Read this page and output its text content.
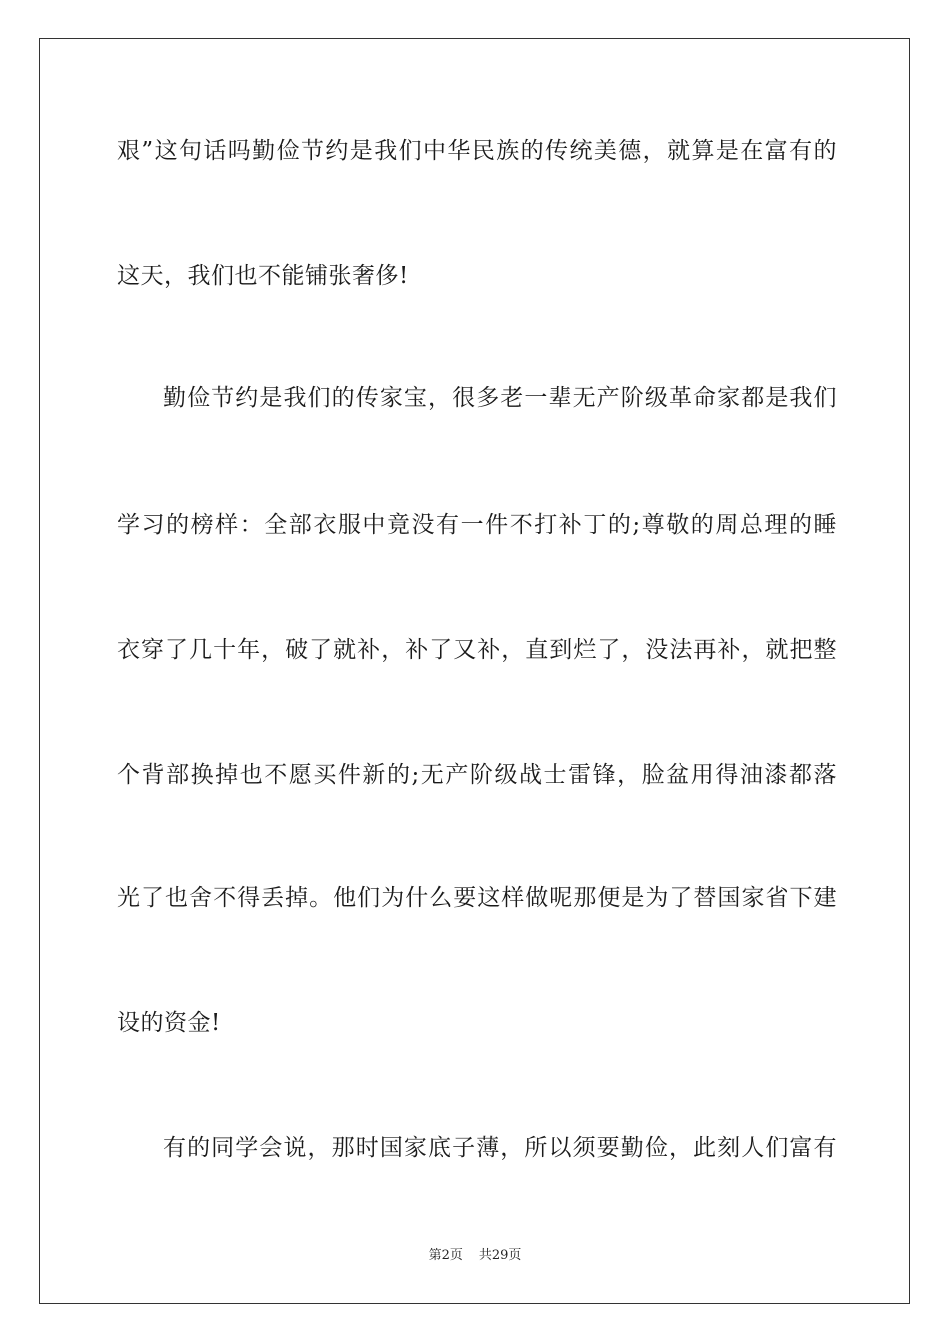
艰”这句话吗勤俭节约是我们中华民族的传统美德，就算是在富有的
这天，我们也不能铺张奢侈!
勤俭节约是我们的传家宝，很多老一辈无产阶级革命家都是我们
学习的榜样：全部衣服中竟没有一件不打补丁的;尊敬的周总理的睡
衣穿了几十年，破了就补，补了又补，直到烂了，没法再补，就把整
个背部换掉也不愿买件新的;无产阶级战士雷锋，脸盆用得油漆都落
光了也舍不得丢掉。他们为什么要这样做呢那便是为了替国家省下建
设的资金!
有的同学会说，那时国家底子薄，所以须要勤俭，此刻人们富有
第2页 共29页
